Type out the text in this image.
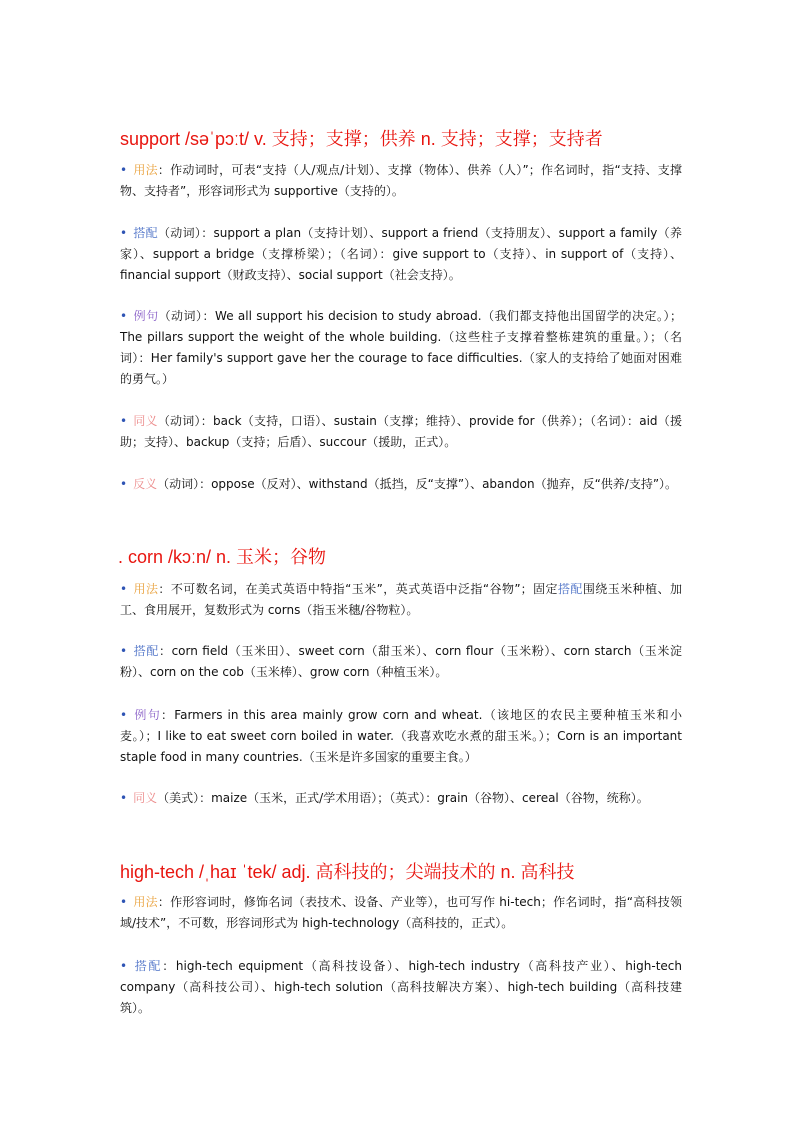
support /səˈpɔːt/ v. 支持；支撑；供养 n. 支持；支撑；支持者
• 用法：作动词时，可表“支持（人/观点/计划）、支撑（物体）、供养（人）”；作名词时，指“支持、支撑物、支持者”，形容词形式为 supportive（支持的）。
• 搭配（动词）：support a plan（支持计划）、support a friend（支持朋友）、support a family（养家）、support a bridge（支撑桥梁）；（名词）：give support to（支持）、in support of（支持）、financial support（财政支持）、social support（社会支持）。
• 例句（动词）：We all support his decision to study abroad.（我们都支持他出国留学的决定。）；The pillars support the weight of the whole building.（这些柱子支撑着整栋建筑的重量。）；（名词）：Her family's support gave her the courage to face difficulties.（家人的支持给了她面对困难的勇气。）
• 同义（动词）：back（支持，口语）、sustain（支撑；维持）、provide for（供养）；（名词）：aid（援助；支持）、backup（支持；后盾）、succour（援助，正式）。
• 反义（动词）：oppose（反对）、withstand（抵挡，反“支撑”）、abandon（抛弃，反“供养/支持”）。
. corn /kɔːn/ n. 玉米；谷物
• 用法：不可数名词，在美式英语中特指“玉米”，英式英语中泛指“谷物”；固定搭配围绕玉米种植、加工、食用展开，复数形式为 corns（指玉米穗/谷物粒）。
• 搭配：corn field（玉米田）、sweet corn（甜玉米）、corn flour（玉米粉）、corn starch（玉米淀粉）、corn on the cob（玉米棒）、grow corn（种植玉米）。
• 例句：Farmers in this area mainly grow corn and wheat.（该地区的农民主要种植玉米和小麦。）；I like to eat sweet corn boiled in water.（我喜欢吃水煮的甜玉米。）；Corn is an important staple food in many countries.（玉米是许多国家的重要主食。）
• 同义（美式）：maize（玉米，正式/学术用语）；（英式）：grain（谷物）、cereal（谷物，统称）。
high-tech /ˌhaɪ ˈtek/ adj. 高科技的；尖端技术的 n. 高科技
• 用法：作形容词时，修饰名词（表技术、设备、产业等），也可写作 hi-tech；作名词时，指“高科技领域/技术”，不可数，形容词形式为 high-technology（高科技的，正式）。
• 搭配：high-tech equipment（高科技设备）、high-tech industry（高科技产业）、high-tech company（高科技公司）、high-tech solution（高科技解决方案）、high-tech building（高科技建筑）。
